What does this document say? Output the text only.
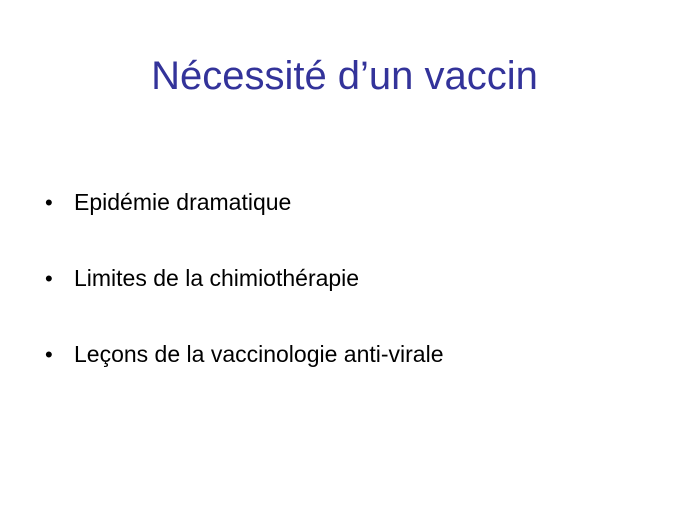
Nécessité d’un vaccin
• Epidémie dramatique
• Limites de la chimiothérapie
• Leçons de la vaccinologie anti-virale
